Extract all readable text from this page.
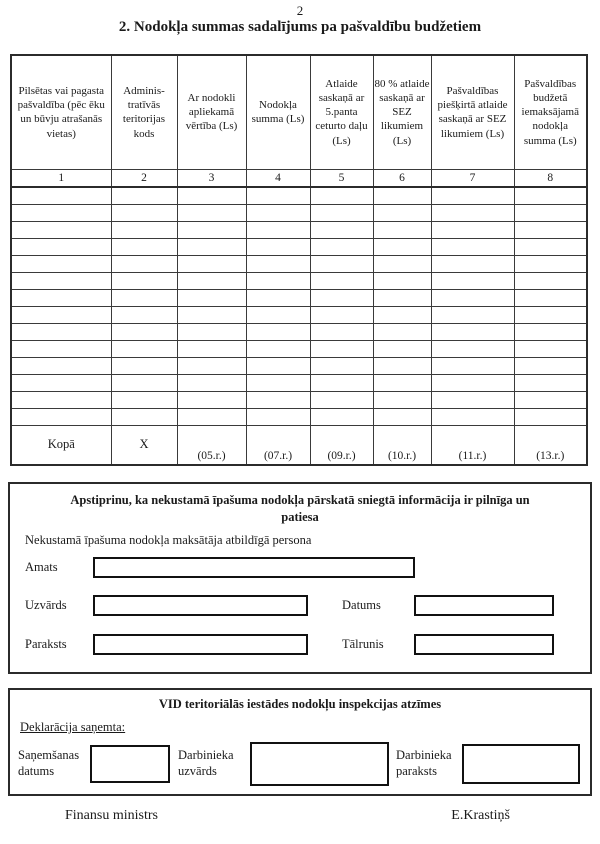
2
2. Nodokļa summas sadalījums pa pašvaldību budžetiem
Pilsētas vai pagasta pašvaldība (pēc ēku un būvju atrašanās vietas)	Adminis-tratīvās teritorijas kods	Ar nodokli apliekamā vērtība (Ls)	Nodokļa summa (Ls)	Atlaide saskaņā ar 5.panta ceturto daļu (Ls)	80 % atlaide saskaņā ar SEZ likumiem (Ls)	Pašvaldības piešķirtā atlaide saskaņā ar SEZ likumiem (Ls)	Pašvaldības budžetā iemaksājamā nodokļa summa (Ls)
1	2	3	4	5	6	7	8

Kopā	X	(05.r.)	(07.r.)	(09.r.)	(10.r.)	(11.r.)	(13.r.)

Apstiprinu, ka nekustamā īpašuma nodokļa pārskatā sniegtā informācija ir pilnīga un patiesa

Nekustamā īpašuma nodokļa maksātāja atbildīgā persona

Amats
Uzvārds	Datums
Paraksts	Tālrunis

VID teritoriālās iestādes nodokļu inspekcijas atzīmes

Deklarācija saņemta:

Saņemšanas datums
Darbinieka uzvārds
Darbinieka paraksts
Finansu ministrs	E.Krastiņš
